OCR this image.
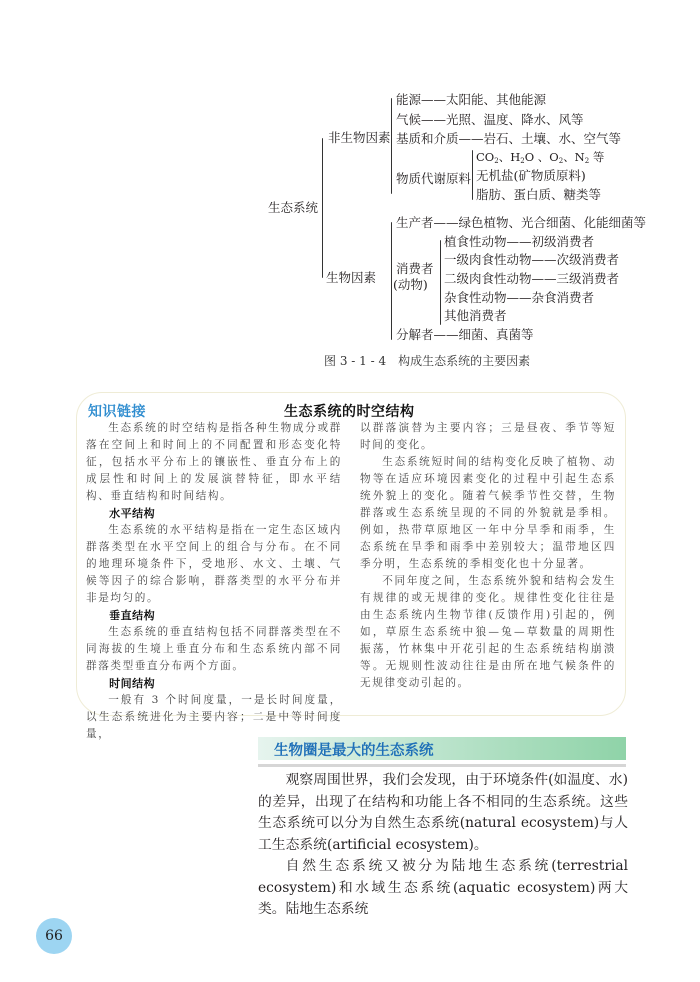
生态系统
非生物因素
能源——太阳能、其他能源
气候——光照、温度、降水、风等
基质和介质——岩石、土壤、水、空气等
物质代谢原料
$CO_2$、$H_2O$ 、$O_2$、$N_2$ 等
无机盐(矿物质原料)
脂肪、蛋白质、糖类等
生物因素
生产者——绿色植物、光合细菌、化能细菌等
消费者
(动物)
植食性动物——初级消费者
一级肉食性动物——次级消费者
二级肉食性动物——三级消费者
杂食性动物——杂食消费者
其他消费者
分解者——细菌、真菌等
图 3 - 1 - 4　构成生态系统的主要因素
知识链接	生态系统的时空结构

生态系统的时空结构是指各种生物成分或群落在空间上和时间上的不同配置和形态变化特征，包括水平分布上的镶嵌性、垂直分布上的成层性和时间上的发展演替特征，即水平结构、垂直结构和时间结构。

水平结构

生态系统的水平结构是指在一定生态区域内群落类型在水平空间上的组合与分布。在不同的地理环境条件下，受地形、水文、土壤、气候等因子的综合影响，群落类型的水平分布并非是均匀的。

垂直结构

生态系统的垂直结构包括不同群落类型在不同海拔的生境上垂直分布和生态系统内部不同群落类型垂直分布两个方面。

时间结构

一般有 3 个时间度量，一是长时间度量，以生态系统进化为主要内容；二是中等时间度量，

以群落演替为主要内容；三是昼夜、季节等短时间的变化。

生态系统短时间的结构变化反映了植物、动物等在适应环境因素变化的过程中引起生态系统外貌上的变化。随着气候季节性交替，生物群落或生态系统呈现的不同的外貌就是季相。例如，热带草原地区一年中分旱季和雨季，生态系统在旱季和雨季中差别较大；温带地区四季分明，生态系统的季相变化也十分显著。

不同年度之间，生态系统外貌和结构会发生有规律的或无规律的变化。规律性变化往往是由生态系统内生物节律(反馈作用)引起的，例如，草原生态系统中狼—兔—草数量的周期性振荡，竹林集中开花引起的生态系统结构崩溃等。无规则性波动往往是由所在地气候条件的无规律变动引起的。

生物圈是最大的生态系统

观察周围世界，我们会发现，由于环境条件(如温度、水)的差异，出现了在结构和功能上各不相同的生态系统。这些生态系统可以分为自然生态系统(natural ecosystem)与人工生态系统(artificial ecosystem)。

自然生态系统又被分为陆地生态系统(terrestrial ecosystem)和水域生态系统(aquatic ecosystem)两大类。陆地生态系统

66
